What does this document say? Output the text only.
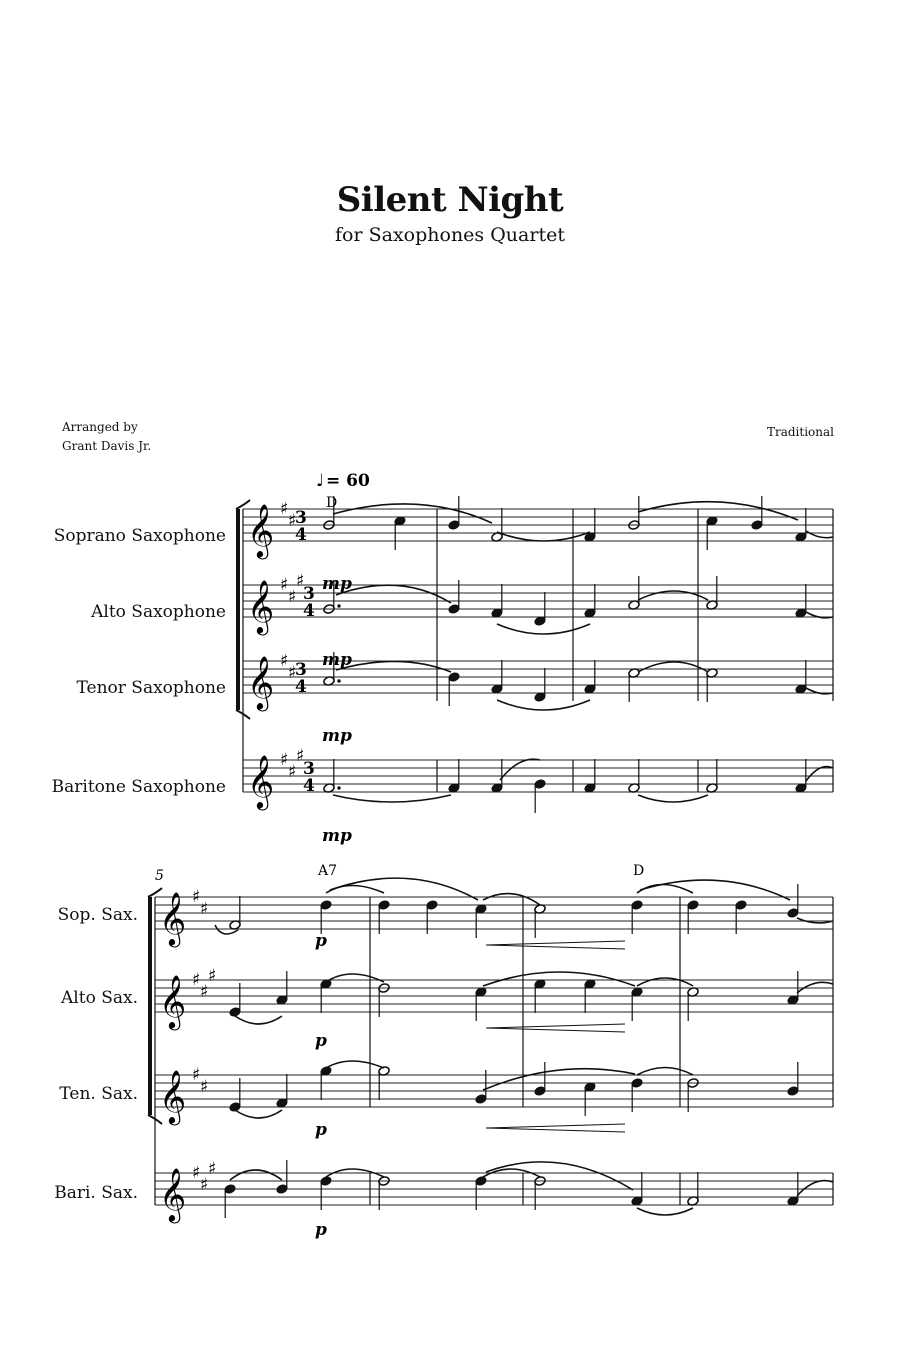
Silent Night
for Saxophones Quartet
Arranged by
Grant Davis Jr.
Traditional
Soprano Saxophone
Alto Saxophone
Tenor Saxophone
Baritone Saxophone
Sop. Sax.
Alto Sax.
Ten. Sax.
Bari. Sax.
𝄞 ♯
♯
3
4
𝄞 ♯
♯
♯
3
4
𝄞 ♯
♯
3
4
𝄞 ♯
♯
♯
3
4
♩ = 60
D
mp
mp
mp
mp
5
𝄞 ♯
♯
𝄞 ♯
♯
♯
𝄞 ♯
♯
𝄞 ♯
♯
♯
A7	D
p
p
p
p
